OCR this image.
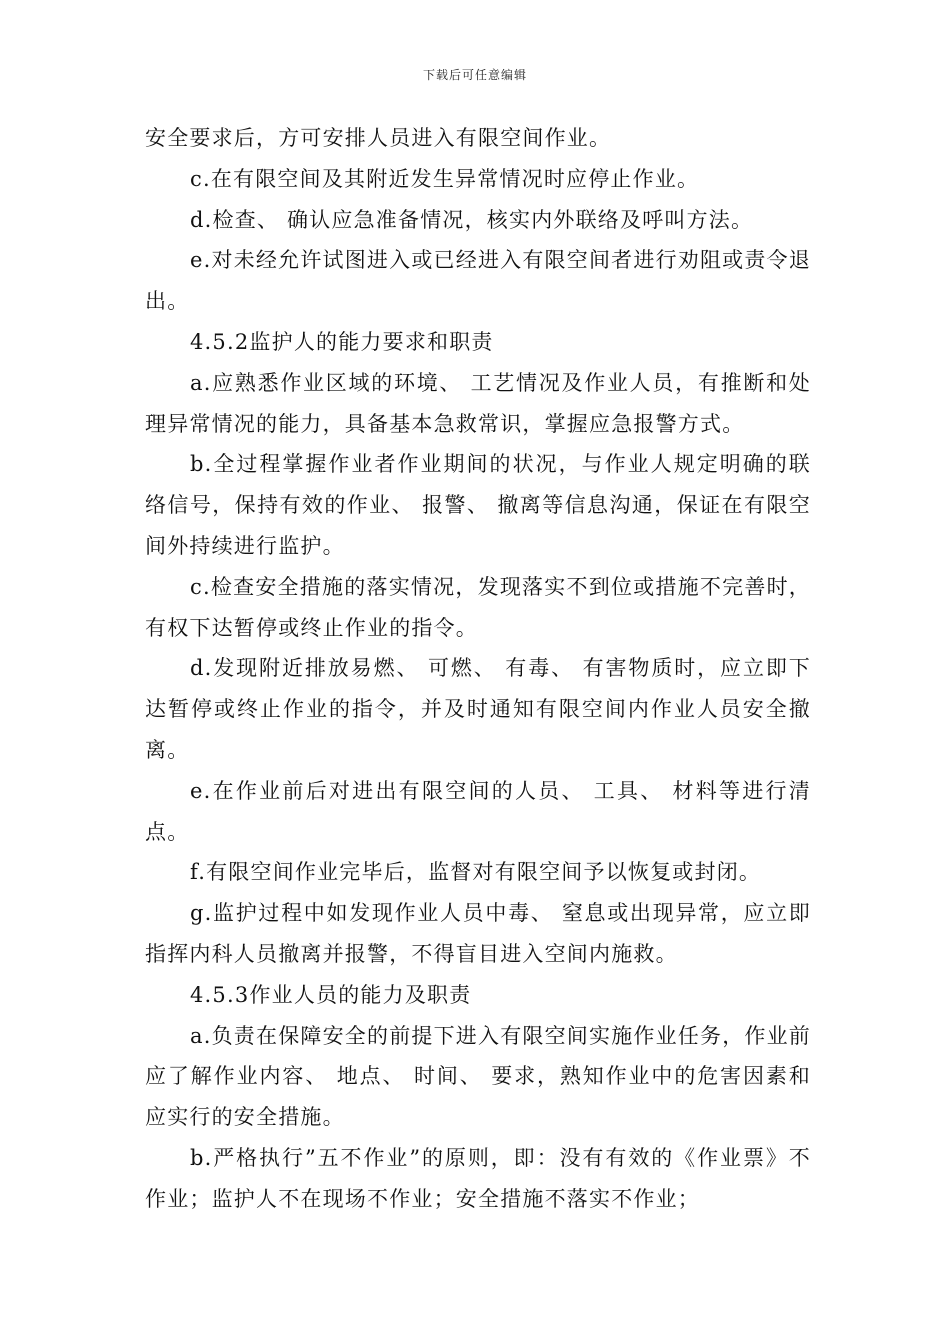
下载后可任意编辑

安全要求后，方可安排人员进入有限空间作业。

c.在有限空间及其附近发生异常情况时应停止作业。

d.检查、 确认应急准备情况，核实内外联络及呼叫方法。

e.对未经允许试图进入或已经进入有限空间者进行劝阻或责令退出。

4.5.2监护人的能力要求和职责

a.应熟悉作业区域的环境、 工艺情况及作业人员，有推断和处理异常情况的能力，具备基本急救常识，掌握应急报警方式。

b.全过程掌握作业者作业期间的状况，与作业人规定明确的联络信号，保持有效的作业、 报警、 撤离等信息沟通，保证在有限空间外持续进行监护。

c.检查安全措施的落实情况，发现落实不到位或措施不完善时，有权下达暂停或终止作业的指令。

d.发现附近排放易燃、 可燃、 有毒、 有害物质时，应立即下达暂停或终止作业的指令，并及时通知有限空间内作业人员安全撤离。

e.在作业前后对进出有限空间的人员、 工具、 材料等进行清点。

f.有限空间作业完毕后，监督对有限空间予以恢复或封闭。

g.监护过程中如发现作业人员中毒、 窒息或出现异常，应立即指挥内科人员撤离并报警，不得盲目进入空间内施救。

4.5.3作业人员的能力及职责

a.负责在保障安全的前提下进入有限空间实施作业任务，作业前应了解作业内容、 地点、 时间、 要求，熟知作业中的危害因素和应实行的安全措施。

b.严格执行”五不作业”的原则，即：没有有效的《作业票》不作业；监护人不在现场不作业；安全措施不落实不作业；
